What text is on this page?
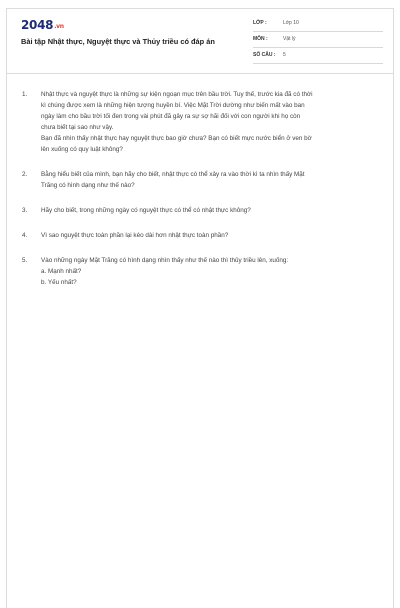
2048.vn
Bài tập Nhật thực, Nguyệt thực và Thủy triều có đáp án
LỚP :	Lớp 10
MÔN :	Vật lý
SỐ CÂU : 5
1. Nhật thực và nguyệt thực là những sự kiện ngoạn mục trên bầu trời. Tuy thế, trước kia đã có thời
kì chúng được xem là những hiện tượng huyền bí. Việc Mặt Trời dường như biến mất vào ban
ngày làm cho bầu trời tối đen trong vài phút đã gây ra sự sợ hãi đối với con người khi họ còn
chưa biết tại sao như vậy.
Bạn đã nhìn thấy nhật thực hay nguyệt thực bao giờ chưa? Bạn có biết mực nước biển ở ven bờ
lên xuống có quy luật không?
2. Bằng hiểu biết của mình, bạn hãy cho biết, nhật thực có thể xảy ra vào thời kì ta nhìn thấy Mặt
Trăng có hình dạng như thế nào?
3. Hãy cho biết, trong những ngày có nguyệt thực có thể có nhật thực không?
4. Vì sao nguyệt thực toàn phần lại kéo dài hơn nhật thực toàn phần?
5. Vào những ngày Mặt Trăng có hình dạng nhìn thấy như thế nào thì thủy triều lên, xuống:
a. Mạnh nhất?
b. Yếu nhất?
